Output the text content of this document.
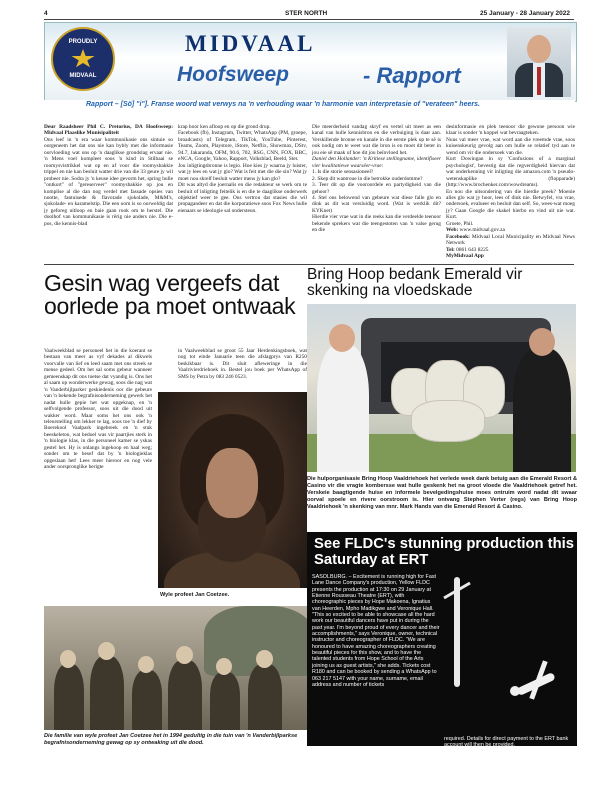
4	STER NORTH	25 January - 28 January 2022
PROUDLY
MIDVAAL
MIDVAAL
Hoofsweep	- Rapport
Rapport – [Sö] "i"]. Franse woord wat verwys na 'n verhouding waar 'n harmonie van interpretasie of "verateen" heers.

Deur Raadsheer Phil C. Pretorius, DA Hoofsweep: Midvaal Plaaslike Munisipaliteit

Ons leef in 'n era waar kommunikasie ons sintuie so oorgeneem het dat ons nie kan bybly met die informasie oorvloeding wat ons op 'n daaglikse grondslag ervaar nie. 'n Mens voel kompleet soos 'n kind in Stilbaai se roomysvistrikkel wat op en af voor die roomysbakkie trippel en nie kan besluit watter drie van die 33 geure jy wil probeer nie. Sodra jy 'n keuse idee gevorm het, spring hulle "ontkort" of "gereserveer" roomysbakkie op jou en komplise al die dan nog verdel met fassade opsies van nootte, fantuisede & flavorade sjokolade, M&M's, sjokolade- en karamelstip. Die een oom is so oorweldig dat jy geforeg uitloop en baie gaan rook om te herstel. Die doolhof van kommunikasie is rêrig nie anders nie. Die e-pos, die kennis-blad

krap hoor ken afloop en op die grond drup.

Facebook (fb), Instagram, Twitter, WhatsApp (PM, groepe, broadcasts) of Telegram, TikTok, YouTube, Pinterest, Teams, Zoom, Playstore, iStore, Netflix, Showmax, DStv, 94.7, Jakaranda, OFM, 90.6, 702, RSG, CNN, FOX, BBC, eNCA, Google, Yahoo, Rapport, Volksblad, Beeld, Ster.

Jou inligtingsbronne is legio. Hoe kies jy waarna jy luister, wat jy lees en wat jy glo? Wat is feit met die die sin? Wat jy moet nou skrelf besluit watter mens jy kan glo?

Dit was altyd die joernalis en die redakteur se werk om te besluit of inligting feitelik is en die te daaglikse onderwerk objektief weer te gee. Ons vertrou dat stasies die wil propagandeer en dat die korporatiewe soos Fox News hulle eienaars se ideologie sal ondersteun.

Die meerderheid vandag skryf en vertel uit meer as een kanal van hulle kennisbron en die verbuiging is daar aan. Verskillende bronne en kanale in die eerste plek op te sê is ook nodig om te weet wat die bron is en moet dit beter in jou eie sê maak of hoe dit jou beïnvloed het.

Daniel den Hollander: 'n Kritiese stellingname, identifiseer vier kwalitatiewe waarsêer-vrae:

1. Is die storie sensasioneel?

2. Skep dit wantroue in die betrokke ouderdomme?

3. Teer dit op die vooroordele en partydigheid van die gehoor?

4. Stel ons belowend van gebeure wat diese falle glo en dink as dit wat versluidig word. (Wat is werklik dit? KYKnet)

Hierdie vier vrae wat in die reeks kan die verdeelde teenoor bekende sprekers wat die teengestoten van 'n valse gerug en die

desinformasie en plek teenoor die gewone persoon wie klaar is sonder 'n koppel wat bevraagteken.

Nuus val meer vrae, wat word aan die vreemde vrae, soos kuisenskeurig gevolg aan om hulle se relatief tyd aan te wend om vir die ondersoek van die.

Kurt Dowingan in sy 'Confusions of a marginal psychologist', bevestig dat die regverdigheid hiervan dat wat onderkenning vir inligting die amazon.com 'n pseudo-wetenskaplike (flopparade) (http://www.brochenker.com/wowdreams).

En nou die uitsondering van die hierdie preek? Moenie alles glo wat jy hoor, lees of dink nie. Betwyfel, vra vrae, ondersoek, evalueer en besluit dan self. So, wees-wat moeg jy? Gaan Google die skakel hierbo en vind uit nie wat. Kurt.

Groete, Phil.

Web: www.midvaal.gov.za

Facebook: Midvaal Local Municipality en Midvaal News Network

Tel: 0861 643 8225

MyMidvaal App

Gesin wag vergeefs dat oorlede pa moet ontwaak
Vaalweekblad se personeel het in die koerant se bestaan van meer as vyf dekades al dikwels voorvalle van lief en leed saam met ons streek se mense gedeel. Om het sal soms gebeur wanneer gemeenskap dit ons toetse dat vyandig is. Ons het al saam op wonderwerke gewag, soos die nag wat 'n Vanderbijlparker geskiedenis oor die gebeure van 'n bekende begrafnisonderneming gewerk het nadat hulle gepie het wat opgeknap, en 'n selfvolgende professor, soos uit die dood uit wakker word. Maar soms het ons ook 'n teleurstelling om lekker te lag, soos toe 'n dief by Boerekool Vaalpark ingebreek en 'n stuk beeskeleton, wat bedoel was vir paartjies sterk in 'n biologie klas, in die personeel kamer se yskas gestel het. Hy is onlangs ingekoop en haal weg; sonder om te besef dat by 'n biologieklas opgeslaan het! Lees meer hieroor en nog vele ander oorspronglike berigte
in Vaalweekblad se groot 55 Jaar Herdenkingsboek, wat nog tot einde Januarie teen die afslagprys van R250 beskikbaar is. Dit sluit afleweringe in die Vaalrivierdriehoek in. Bestel jou boek per WhatsApp of SMS by Petra by 083 246 0523.
Wyle profeet Jan Coetzee.
Die familie van wyle profeet Jan Coetzee het in 1994 gedultig in die tuin van 'n Vanderbijlparkse begrafnisonderneming gewag op sy ontwaking uit die dood.
Bring Hoop bedank Emerald vir skenking na vloedskade
Die hulporganisasie Bring Hoop Vaaldriehoek het verlede week dank betuig aan die Emerald Resort & Casino vir die vragte kombersse wat hulle geskenk het na groot vloede die Vaaldriehoek getref het. Verskeie baagtigende huise en informele bevelgedingshuise moes ontruim word nadat dit swaar oorval spoele en rivere oorstroom is. Hier ontvang Stephen Verter (regs) van Bring Hoop Vaaldriehoek 'n skenking van mnr. Mark Hands van die Emerald Resort & Casino.
See FLDC's stunning production this Saturday at ERT
SASOLBURG. – Excitement is running high for Fast Lane Dance Company's production, Yellow FLDC presents the production at 17:30 on 29 January at Etienne Rousseau Theatre (ERT), with choreographic pieces by Hope Makoena, Ignatius van Heerden, Mpho Madikgwe and Veronique Hall. "This so excited to be able to showcase all the hard work our beautiful dancers have put in during the past year. I'm beyond proud of every dancer and their accomplishments," says Veronique, owner, technical instructor and choreographer of FLDC. "We are honoured to have amazing choreographers creating beautiful pieces for this show, and to have the talented students from Hope School of the Arts joining us as guest artists," she adds. Tickets cost R180 and can be booked by sending a WhatsApp to 063 217 5147 with your name, surname, email address and number of tickets
required. Details for direct payment to the ERT bank account will then be provided.
